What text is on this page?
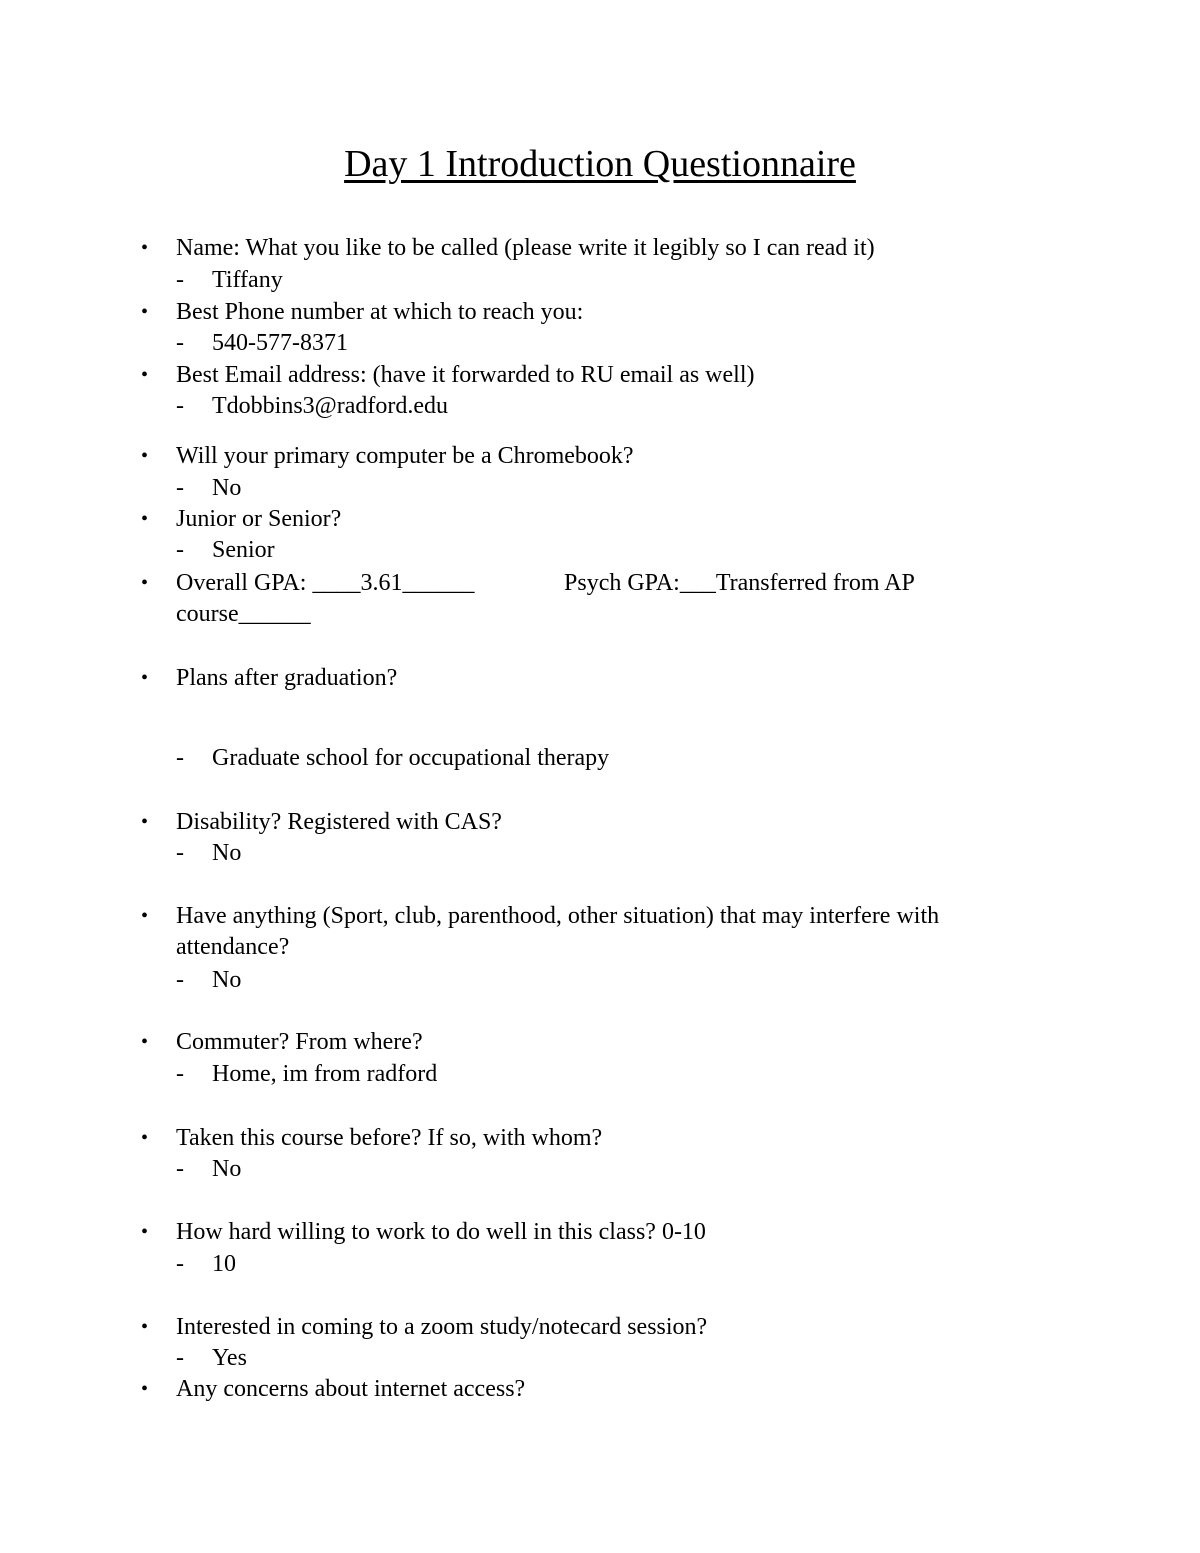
Day 1 Introduction Questionnaire
• Name: What you like to be called (please write it legibly so I can read it)
- Tiffany
• Best Phone number at which to reach you:
- 540-577-8371
• Best Email address: (have it forwarded to RU email as well)
- Tdobbins3@radford.edu
• Will your primary computer be a Chromebook?
- No
• Junior or Senior?
- Senior
• Overall GPA: ____3.61______	Psych GPA:___Transferred from AP
course______
• Plans after graduation?
- Graduate school for occupational therapy
• Disability? Registered with CAS?
- No
• Have anything (Sport, club, parenthood, other situation) that may interfere with
attendance?
- No
• Commuter? From where?
- Home, im from radford
• Taken this course before? If so, with whom?
- No
• How hard willing to work to do well in this class? 0-10
- 10
• Interested in coming to a zoom study/notecard session?
- Yes
• Any concerns about internet access?
